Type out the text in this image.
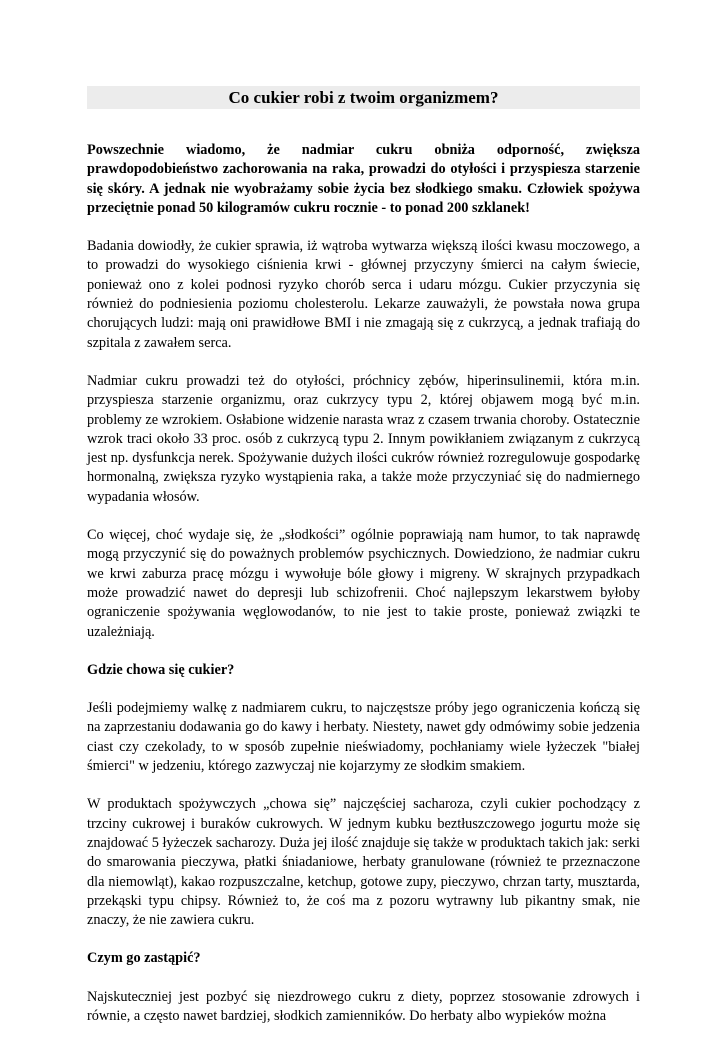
Co cukier robi z twoim organizmem?

Powszechnie wiadomo, że nadmiar cukru obniża odporność, zwiększa prawdopodobieństwo zachorowania na raka, prowadzi do otyłości i przyspiesza starzenie się skóry. A jednak nie wyobrażamy sobie życia bez słodkiego smaku. Człowiek spożywa przeciętnie ponad 50 kilogramów cukru rocznie - to ponad 200 szklanek!

Badania dowiodły, że cukier sprawia, iż wątroba wytwarza większą ilości kwasu moczowego, a to prowadzi do wysokiego ciśnienia krwi - głównej przyczyny śmierci na całym świecie, ponieważ ono z kolei podnosi ryzyko chorób serca i udaru mózgu. Cukier przyczynia się również do podniesienia poziomu cholesterolu. Lekarze zauważyli, że powstała nowa grupa chorujących ludzi: mają oni prawidłowe BMI i nie zmagają się z cukrzycą, a jednak trafiają do szpitala z zawałem serca.

Nadmiar cukru prowadzi też do otyłości, próchnicy zębów, hiperinsulinemii, która m.in. przyspiesza starzenie organizmu, oraz cukrzycy typu 2, której objawem mogą być m.in. problemy ze wzrokiem. Osłabione widzenie narasta wraz z czasem trwania choroby. Ostatecznie wzrok traci około 33 proc. osób z cukrzycą typu 2. Innym powikłaniem związanym z cukrzycą jest np. dysfunkcja nerek. Spożywanie dużych ilości cukrów również rozregulowuje gospodarkę hormonalną, zwiększa ryzyko wystąpienia raka, a także może przyczyniać się do nadmiernego wypadania włosów.

Co więcej, choć wydaje się, że „słodkości” ogólnie poprawiają nam humor, to tak naprawdę mogą przyczynić się do poważnych problemów psychicznych. Dowiedziono, że nadmiar cukru we krwi zaburza pracę mózgu i wywołuje bóle głowy i migreny. W skrajnych przypadkach może prowadzić nawet do depresji lub schizofrenii. Choć najlepszym lekarstwem byłoby ograniczenie spożywania węglowodanów, to nie jest to takie proste, ponieważ związki te uzależniają.

Gdzie chowa się cukier?

Jeśli podejmiemy walkę z nadmiarem cukru, to najczęstsze próby jego ograniczenia kończą się na zaprzestaniu dodawania go do kawy i herbaty. Niestety, nawet gdy odmówimy sobie jedzenia ciast czy czekolady, to w sposób zupełnie nieświadomy, pochłaniamy wiele łyżeczek "białej śmierci" w jedzeniu, którego zazwyczaj nie kojarzymy ze słodkim smakiem.

W produktach spożywczych „chowa się” najczęściej sacharoza, czyli cukier pochodzący z trzciny cukrowej i buraków cukrowych. W jednym kubku beztłuszczowego jogurtu może się znajdować 5 łyżeczek sacharozy. Duża jej ilość znajduje się także w produktach takich jak: serki do smarowania pieczywa, płatki śniadaniowe, herbaty granulowane (również te przeznaczone dla niemowląt), kakao rozpuszczalne, ketchup, gotowe zupy, pieczywo, chrzan tarty, musztarda, przekąski typu chipsy. Również to, że coś ma z pozoru wytrawny lub pikantny smak, nie znaczy, że nie zawiera cukru.

Czym go zastąpić?

Najskuteczniej jest pozbyć się niezdrowego cukru z diety, poprzez stosowanie zdrowych i równie, a często nawet bardziej, słodkich zamienników. Do herbaty albo wypieków można
